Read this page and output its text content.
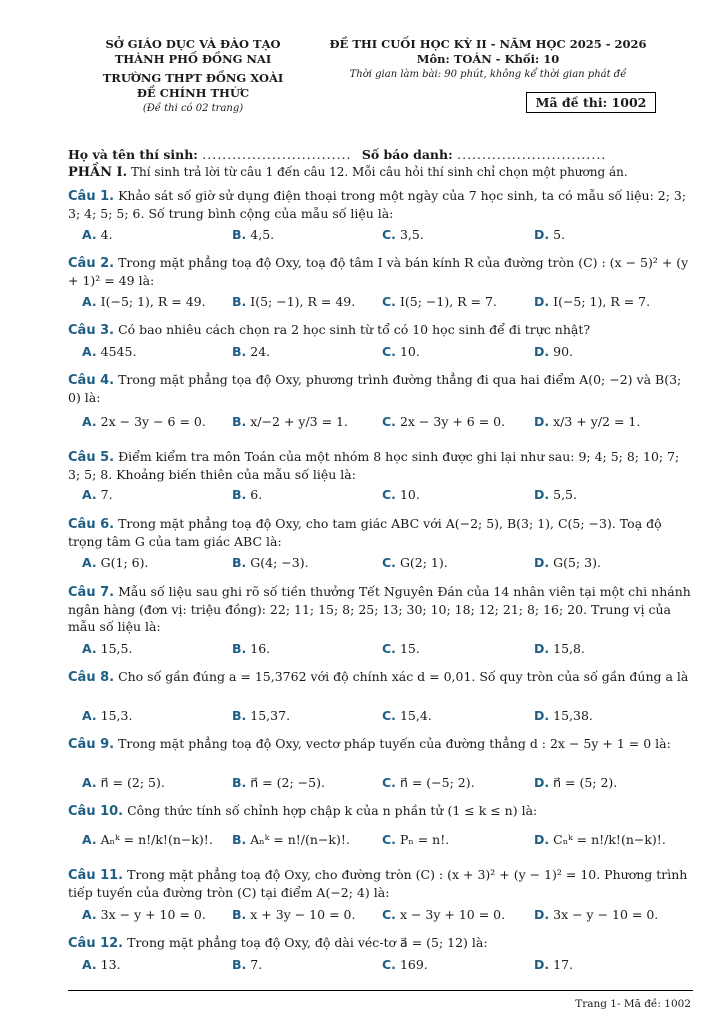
SỞ GIÁO DỤC VÀ ĐÀO TẠO
THÀNH PHỐ ĐỒNG NAI
TRƯỜNG THPT ĐỒNG XOÀI
ĐỀ CHÍNH THỨC
(Đề thi có 02 trang)
ĐỀ THI CUỐI HỌC KỲ II - NĂM HỌC 2025 - 2026
Môn: TOÁN - Khối: 10
Thời gian làm bài: 90 phút, không kể thời gian phát đề
Mã đề thi: 1002
Họ và tên thí sinh: .............................. Số báo danh: ..............................
PHẦN I. Thí sinh trả lời từ câu 1 đến câu 12. Mỗi câu hỏi thí sinh chỉ chọn một phương án.
Câu 1. Khảo sát số giờ sử dụng điện thoại trong một ngày của 7 học sinh, ta có mẫu số liệu: 2; 3; 3; 4; 5; 5; 6. Số trung bình cộng của mẫu số liệu là:
A. 4.	B. 4,5.	C. 3,5.	D. 5.
Câu 2. Trong mặt phẳng toạ độ Oxy, toạ độ tâm I và bán kính R của đường tròn (C) : (x − 5)² + (y + 1)² = 49 là:
A. I(−5; 1), R = 49. B. I(5; −1), R = 49. C. I(5; −1), R = 7.	D. I(−5; 1), R = 7.
Câu 3. Có bao nhiêu cách chọn ra 2 học sinh từ tổ có 10 học sinh để đi trực nhật?
A. 4545.	B. 24.	C. 10.	D. 90.
Câu 4. Trong mặt phẳng tọa độ Oxy, phương trình đường thẳng đi qua hai điểm A(0; −2) và B(3; 0) là:
A. 2x − 3y − 6 = 0. B. x/−2 + y/3 = 1.	C. 2x − 3y + 6 = 0. D. x/3 + y/2 = 1.
Câu 5. Điểm kiểm tra môn Toán của một nhóm 8 học sinh được ghi lại như sau: 9; 4; 5; 8; 10; 7; 3; 5; 8. Khoảng biến thiên của mẫu số liệu là:
A. 7.	B. 6.	C. 10.	D. 5,5.
Câu 6. Trong mặt phẳng toạ độ Oxy, cho tam giác ABC với A(−2; 5), B(3; 1), C(5; −3). Toạ độ trọng tâm G của tam giác ABC là:
A. G(1; 6).	B. G(4; −3).	C. G(2; 1).	D. G(5; 3).
Câu 7. Mẫu số liệu sau ghi rõ số tiền thưởng Tết Nguyên Đán của 14 nhân viên tại một chi nhánh ngân hàng (đơn vị: triệu đồng): 22; 11; 15; 8; 25; 13; 30; 10; 18; 12; 21; 8; 16; 20. Trung vị của mẫu số liệu là:
A. 15,5.	B. 16.	C. 15.	D. 15,8.
Câu 8. Cho số gần đúng a = 15,3762 với độ chính xác d = 0,01. Số quy tròn của số gần đúng a là
A. 15,3.	B. 15,37.	C. 15,4.	D. 15,38.
Câu 9. Trong mặt phẳng toạ độ Oxy, vectơ pháp tuyến của đường thẳng d : 2x − 5y + 1 = 0 là:
A. n⃗ = (2; 5).	B. n⃗ = (2; −5).	C. n⃗ = (−5; 2).	D. n⃗ = (5; 2).
Câu 10. Công thức tính số chỉnh hợp chập k của n phần tử (1 ≤ k ≤ n) là:
A. Aₙᵏ = n!/k!(n−k)!. B. Aₙᵏ = n!/(n−k)!.	C. Pₙ = n!.	D. Cₙᵏ = n!/k!(n−k)!.
Câu 11. Trong mặt phẳng toạ độ Oxy, cho đường tròn (C) : (x + 3)² + (y − 1)² = 10. Phương trình tiếp tuyến của đường tròn (C) tại điểm A(−2; 4) là:
A. 3x − y + 10 = 0. B. x + 3y − 10 = 0. C. x − 3y + 10 = 0. D. 3x − y − 10 = 0.
Câu 12. Trong mặt phẳng toạ độ Oxy, độ dài véc-tơ a⃗ = (5; 12) là:
A. 13.	B. 7.	C. 169.	D. 17.
Trang 1- Mã đề: 1002
